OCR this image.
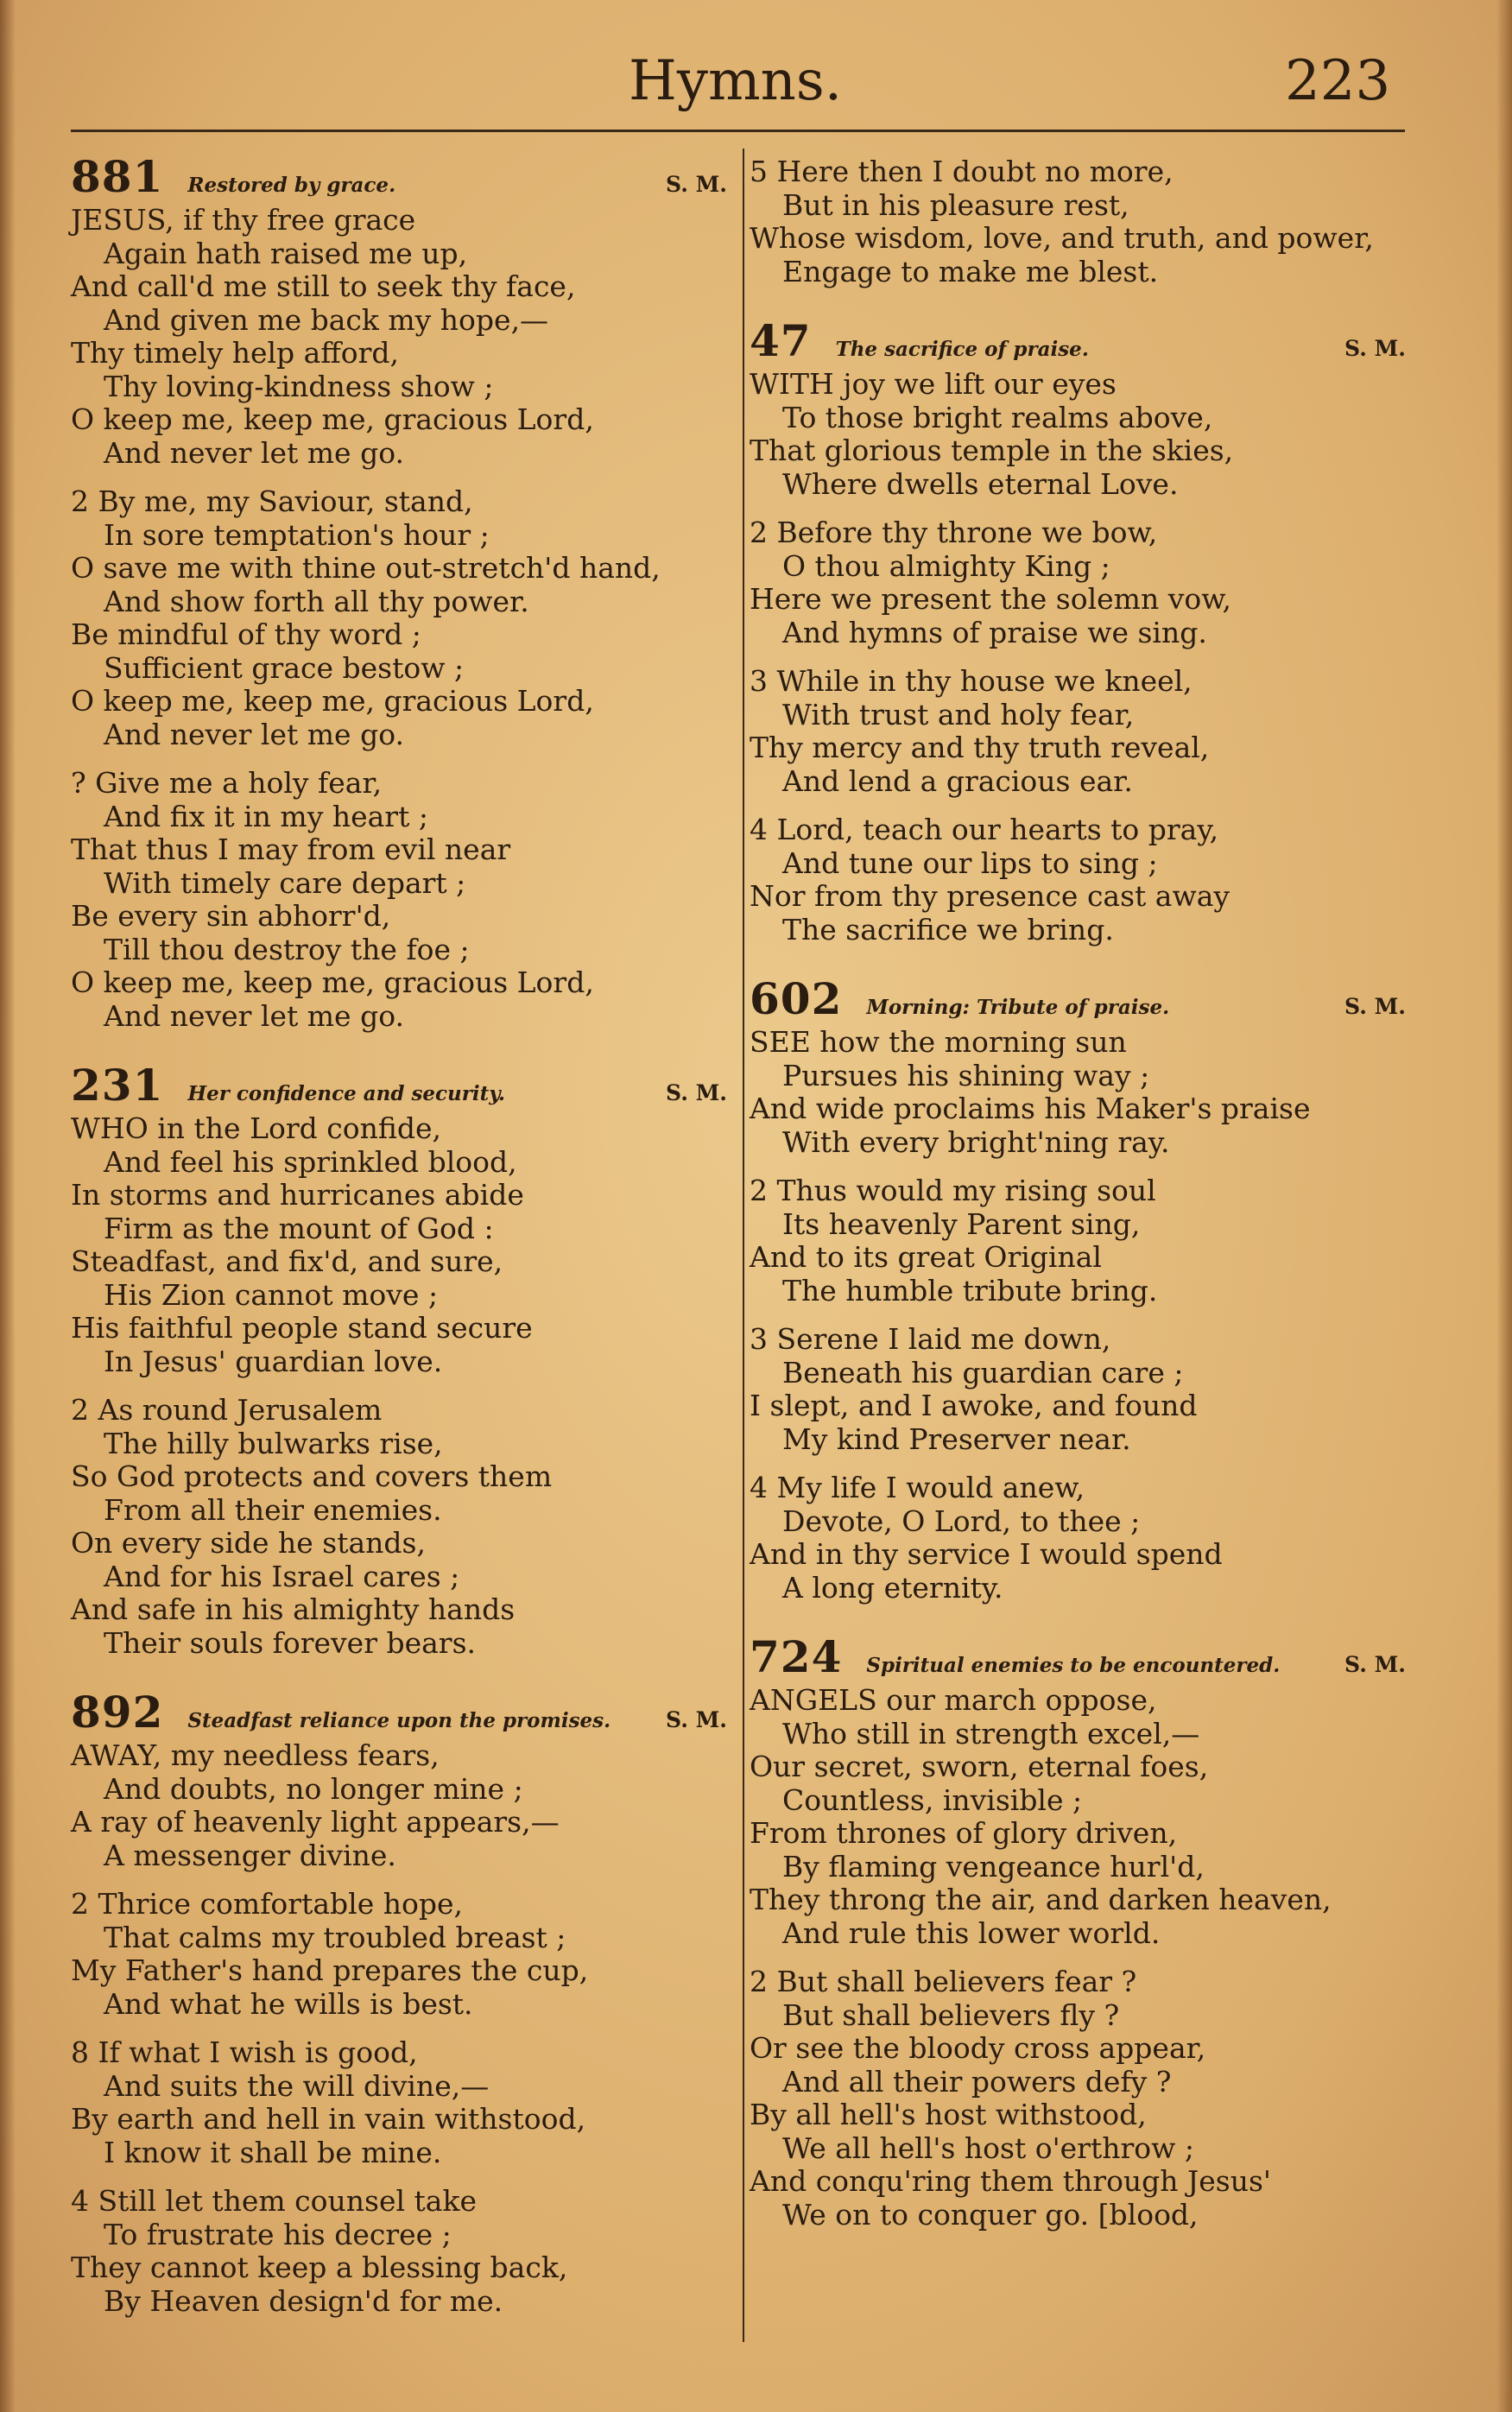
Hymns.	223
881 Restored by grace.	S. M.
JESUS, if thy free grace
Again hath raised me up,
And call'd me still to seek thy face,
And given me back my hope,—
Thy timely help afford,
Thy loving-kindness show ;
O keep me, keep me, gracious Lord,
And never let me go.
2 By me, my Saviour, stand,
In sore temptation's hour ;
O save me with thine out-stretch'd hand,
And show forth all thy power.
Be mindful of thy word ;
Sufficient grace bestow ;
O keep me, keep me, gracious Lord,
And never let me go.
? Give me a holy fear,
And fix it in my heart ;
That thus I may from evil near
With timely care depart ;
Be every sin abhorr'd,
Till thou destroy the foe ;
O keep me, keep me, gracious Lord,
And never let me go.
231 Her confidence and security.	S. M.
WHO in the Lord confide,
And feel his sprinkled blood,
In storms and hurricanes abide
Firm as the mount of God :
Steadfast, and fix'd, and sure,
His Zion cannot move ;
His faithful people stand secure
In Jesus' guardian love.
2 As round Jerusalem
The hilly bulwarks rise,
So God protects and covers them
From all their enemies.
On every side he stands,
And for his Israel cares ;
And safe in his almighty hands
Their souls forever bears.
892 Steadfast reliance upon the promises.	S. M.
AWAY, my needless fears,
And doubts, no longer mine ;
A ray of heavenly light appears,—
A messenger divine.
2 Thrice comfortable hope,
That calms my troubled breast ;
My Father's hand prepares the cup,
And what he wills is best.
8 If what I wish is good,
And suits the will divine,—
By earth and hell in vain withstood,
I know it shall be mine.
4 Still let them counsel take
To frustrate his decree ;
They cannot keep a blessing back,
By Heaven design'd for me.
5 Here then I doubt no more,
But in his pleasure rest,
Whose wisdom, love, and truth, and power,
Engage to make me blest.
47 The sacrifice of praise.	S. M.
WITH joy we lift our eyes
To those bright realms above,
That glorious temple in the skies,
Where dwells eternal Love.
2 Before thy throne we bow,
O thou almighty King ;
Here we present the solemn vow,
And hymns of praise we sing.
3 While in thy house we kneel,
With trust and holy fear,
Thy mercy and thy truth reveal,
And lend a gracious ear.
4 Lord, teach our hearts to pray,
And tune our lips to sing ;
Nor from thy presence cast away
The sacrifice we bring.
602 Morning: Tribute of praise.	S. M.
SEE how the morning sun
Pursues his shining way ;
And wide proclaims his Maker's praise
With every bright'ning ray.
2 Thus would my rising soul
Its heavenly Parent sing,
And to its great Original
The humble tribute bring.
3 Serene I laid me down,
Beneath his guardian care ;
I slept, and I awoke, and found
My kind Preserver near.
4 My life I would anew,
Devote, O Lord, to thee ;
And in thy service I would spend
A long eternity.
724 Spiritual enemies to be encountered.	S. M.
ANGELS our march oppose,
Who still in strength excel,—
Our secret, sworn, eternal foes,
Countless, invisible ;
From thrones of glory driven,
By flaming vengeance hurl'd,
They throng the air, and darken heaven,
And rule this lower world.
2 But shall believers fear ?
But shall believers fly ?
Or see the bloody cross appear,
And all their powers defy ?
By all hell's host withstood,
We all hell's host o'erthrow ;
And conqu'ring them through Jesus'
We on to conquer go. [blood,
